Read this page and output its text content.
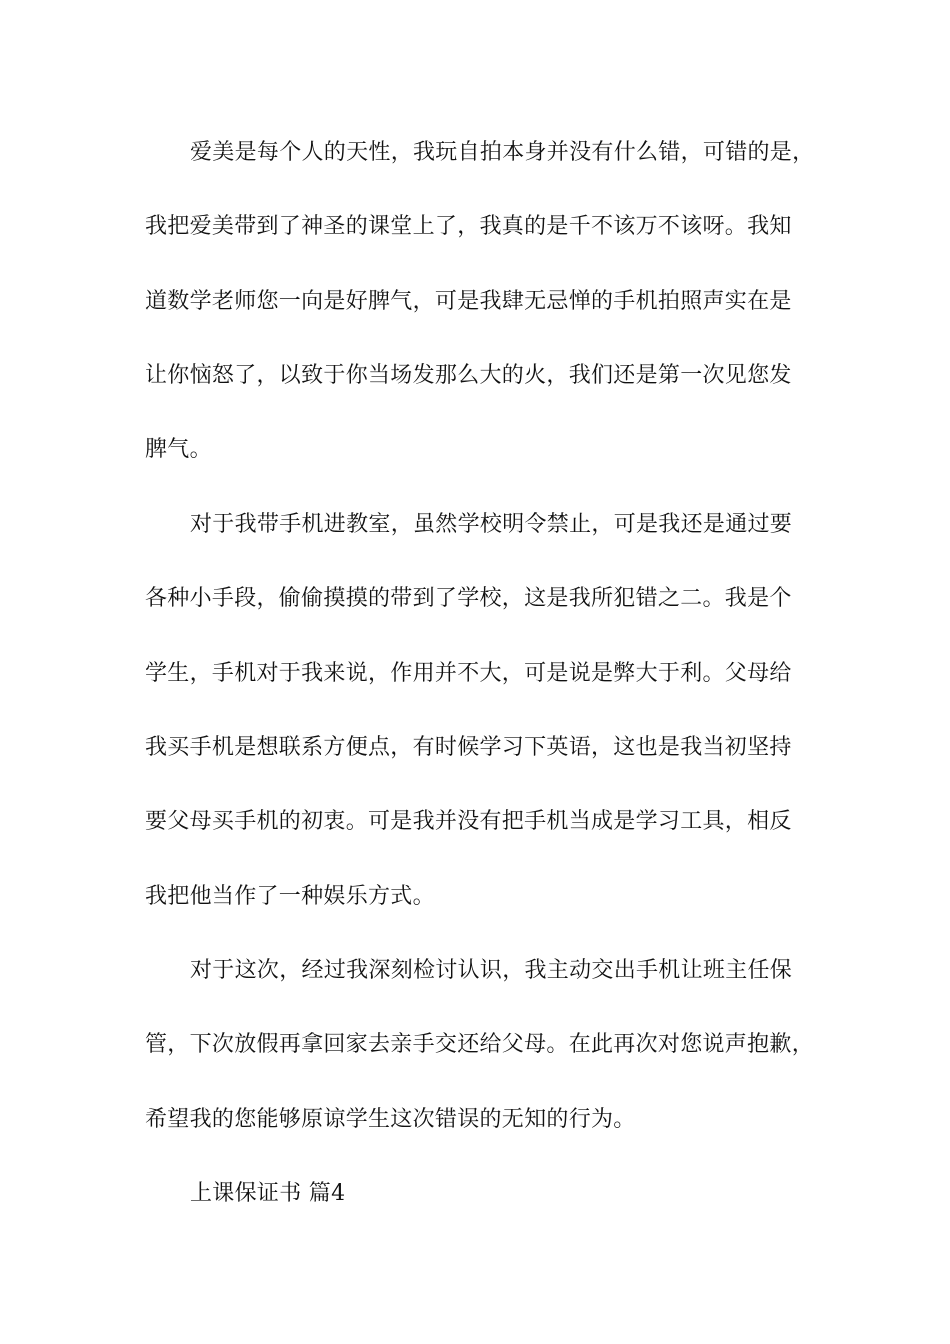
爱美是每个人的天性，我玩自拍本身并没有什么错，可错的是，
我把爱美带到了神圣的课堂上了，我真的是千不该万不该呀。我知
道数学老师您一向是好脾气，可是我肆无忌惮的手机拍照声实在是
让你恼怒了，以致于你当场发那么大的火，我们还是第一次见您发
脾气。
对于我带手机进教室，虽然学校明令禁止，可是我还是通过要
各种小手段，偷偷摸摸的带到了学校，这是我所犯错之二。我是个
学生，手机对于我来说，作用并不大，可是说是弊大于利。父母给
我买手机是想联系方便点，有时候学习下英语，这也是我当初坚持
要父母买手机的初衷。可是我并没有把手机当成是学习工具，相反
我把他当作了一种娱乐方式。
对于这次，经过我深刻检讨认识，我主动交出手机让班主任保
管，下次放假再拿回家去亲手交还给父母。在此再次对您说声抱歉，
希望我的您能够原谅学生这次错误的无知的行为。
上课保证书 篇4
